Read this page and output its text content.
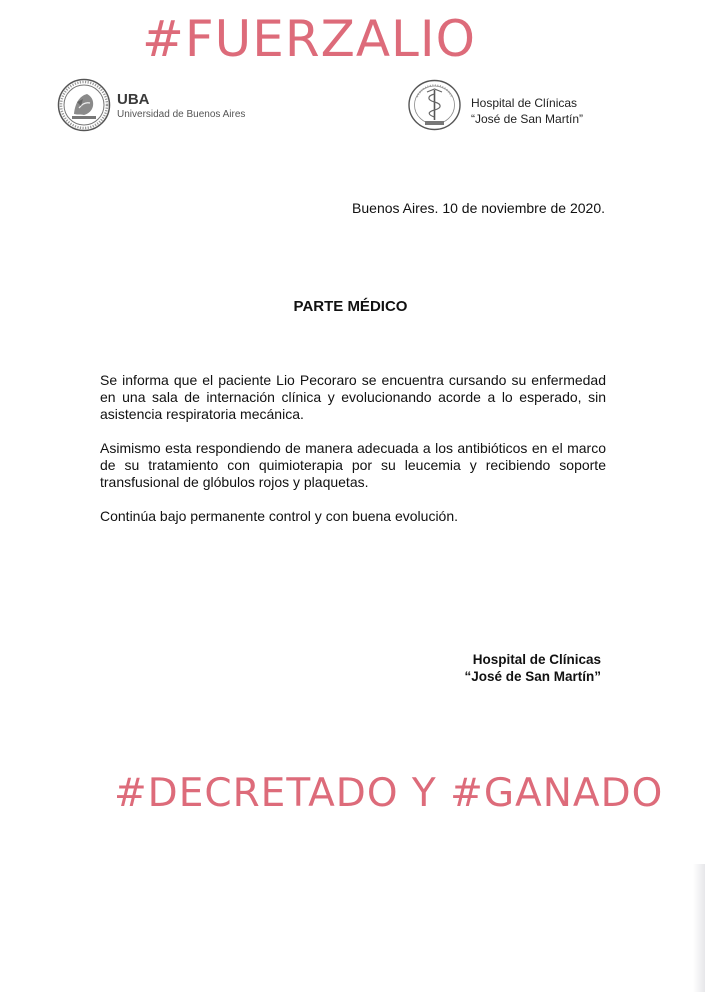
#FUERZALIO
UBA
Universidad de Buenos Aires
Hospital de Clínicas
“José de San Martín”
Buenos Aires. 10 de noviembre de 2020.
PARTE MÉDICO

Se informa que el paciente Lio Pecoraro se encuentra cursando su enfermedad en una sala de internación clínica y evolucionando acorde a lo esperado, sin asistencia respiratoria mecánica.

Asimismo esta respondiendo de manera adecuada a los antibióticos en el marco de su tratamiento con quimioterapia por su leucemia y recibiendo soporte transfusional de glóbulos rojos y plaquetas.

Continúa bajo permanente control y con buena evolución.

Hospital de Clínicas
“José de San Martín”
#DECRETADO Y #GANADO
